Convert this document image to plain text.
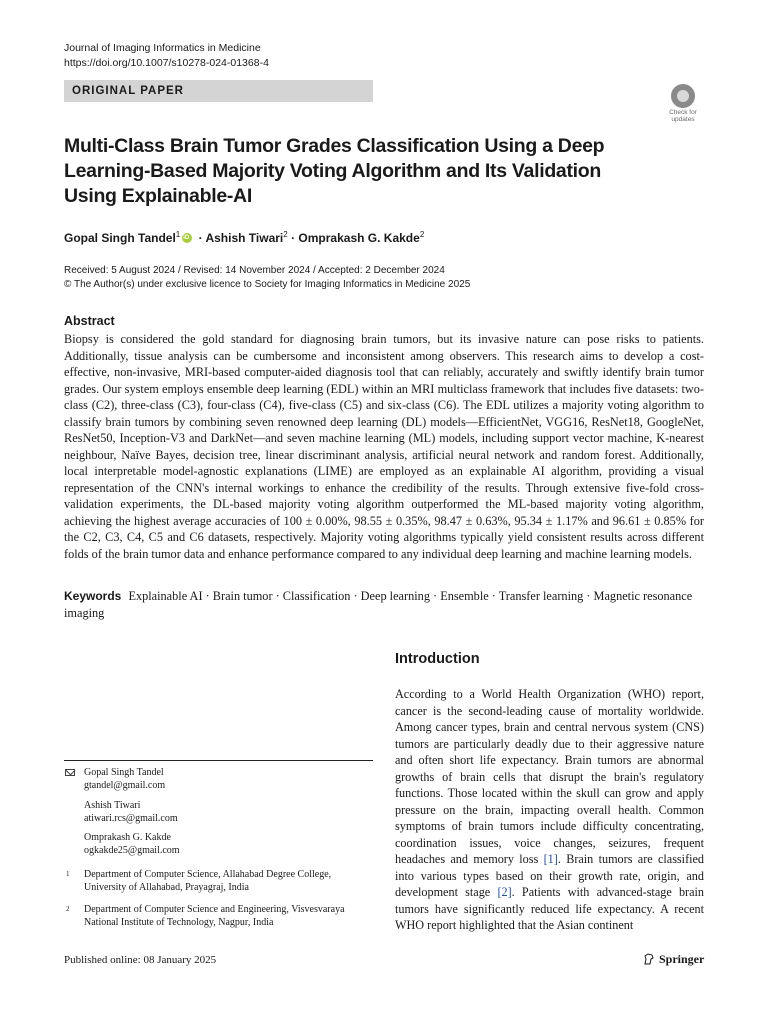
Journal of Imaging Informatics in Medicine
https://doi.org/10.1007/s10278-024-01368-4
ORIGINAL PAPER
Check for updates
Multi-Class Brain Tumor Grades Classification Using a Deep Learning-Based Majority Voting Algorithm and Its Validation Using Explainable-AI
Gopal Singh Tandel$^1$iD · Ashish Tiwari$^2$ · Omprakash G. Kakde$^2$
Received: 5 August 2024 / Revised: 14 November 2024 / Accepted: 2 December 2024
© The Author(s) under exclusive licence to Society for Imaging Informatics in Medicine 2025
Abstract
Biopsy is considered the gold standard for diagnosing brain tumors, but its invasive nature can pose risks to patients. Additionally, tissue analysis can be cumbersome and inconsistent among observers. This research aims to develop a cost-effective, non-invasive, MRI-based computer-aided diagnosis tool that can reliably, accurately and swiftly identify brain tumor grades. Our system employs ensemble deep learning (EDL) within an MRI multiclass framework that includes five datasets: two-class (C2), three-class (C3), four-class (C4), five-class (C5) and six-class (C6). The EDL utilizes a majority voting algorithm to classify brain tumors by combining seven renowned deep learning (DL) models—EfficientNet, VGG16, ResNet18, GoogleNet, ResNet50, Inception-V3 and DarkNet—and seven machine learning (ML) models, including support vector machine, K-nearest neighbour, Naïve Bayes, decision tree, linear discriminant analysis, artificial neural network and random forest. Additionally, local interpretable model-agnostic explanations (LIME) are employed as an explainable AI algorithm, providing a visual representation of the CNN's internal workings to enhance the credibility of the results. Through extensive five-fold cross-validation experiments, the DL-based majority voting algorithm outperformed the ML-based majority voting algorithm, achieving the highest average accuracies of 100 ± 0.00%, 98.55 ± 0.35%, 98.47 ± 0.63%, 95.34 ± 1.17% and 96.61 ± 0.85% for the C2, C3, C4, C5 and C6 datasets, respectively. Majority voting algorithms typically yield consistent results across different folds of the brain tumor data and enhance performance compared to any individual deep learning and machine learning models.
Keywords Explainable AI · Brain tumor · Classification · Deep learning · Ensemble · Transfer learning · Magnetic resonance imaging
Introduction
According to a World Health Organization (WHO) report, cancer is the second-leading cause of mortality worldwide. Among cancer types, brain and central nervous system (CNS) tumors are particularly deadly due to their aggressive nature and often short life expectancy. Brain tumors are abnormal growths of brain cells that disrupt the brain's regulatory functions. Those located within the skull can grow and apply pressure on the brain, impacting overall health. Common symptoms of brain tumors include difficulty concentrating, coordination issues, voice changes, seizures, frequent headaches and memory loss [1]. Brain tumors are classified into various types based on their growth rate, origin, and development stage [2]. Patients with advanced-stage brain tumors have significantly reduced life expectancy. A recent WHO report highlighted that the Asian continent
Gopal Singh Tandel
gtandel@gmail.com
Ashish Tiwari
atiwari.rcs@gmail.com
Omprakash G. Kakde
ogkakde25@gmail.com
1 Department of Computer Science, Allahabad Degree College, University of Allahabad, Prayagraj, India
2 Department of Computer Science and Engineering, Visvesvaraya National Institute of Technology, Nagpur, India
Published online: 08 January 2025	Springer
